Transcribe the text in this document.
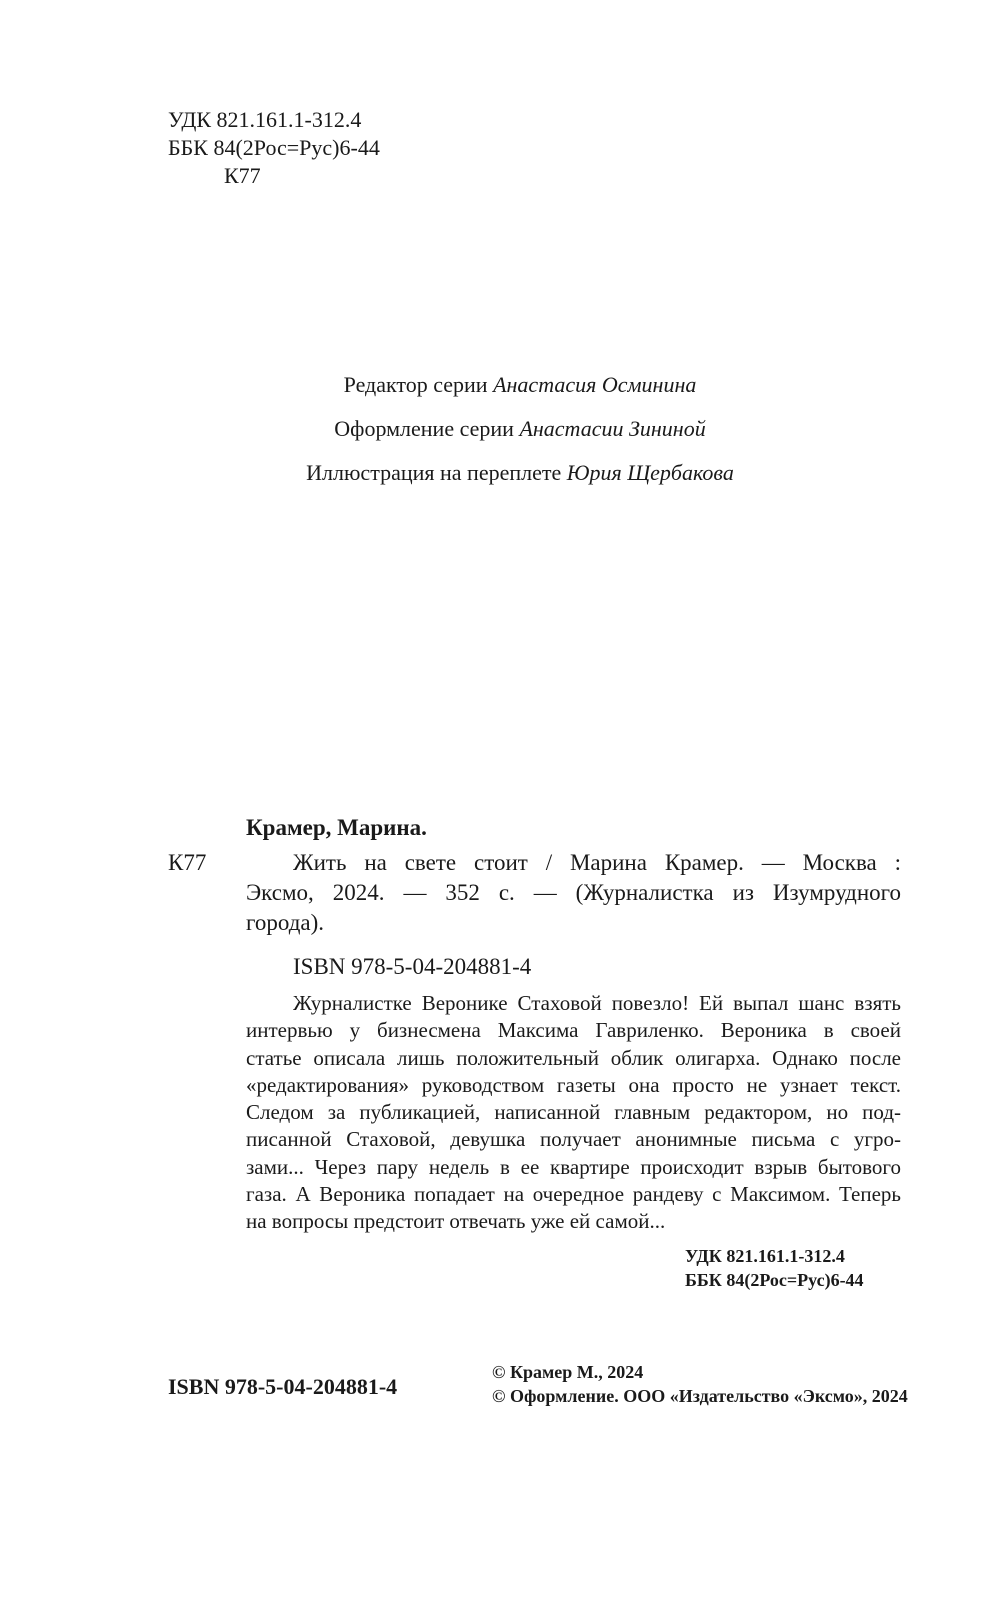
УДК 821.161.1-312.4
ББК 84(2Рос=Рус)6-44
К77
Редактор серии Анастасия Осминина
Оформление серии Анастасии Зининой
Иллюстрация на переплете Юрия Щербакова
Крамер, Марина.
К77	Жить на свете стоит / Марина Крамер. — Москва :
Эксмо, 2024. — 352 с. — (Журналистка из Изумрудного
города).
ISBN 978-5-04-204881-4
Журналистке Веронике Стаховой повезло! Ей выпал шанс взять
интервью у бизнесмена Максима Гавриленко. Вероника в своей
статье описала лишь положительный облик олигарха. Однако после
«редактирования» руководством газеты она просто не узнает текст.
Следом за публикацией, написанной главным редактором, но под-
писанной Стаховой, девушка получает анонимные письма с угро-
зами... Через пару недель в ее квартире происходит взрыв бытового
газа. А Вероника попадает на очередное рандеву с Максимом. Теперь
на вопросы предстоит отвечать уже ей самой...
УДК 821.161.1-312.4
ББК 84(2Рос=Рус)6-44
ISBN 978-5-04-204881-4
© Крамер М., 2024
© Оформление. ООО «Издательство «Эксмо», 2024
